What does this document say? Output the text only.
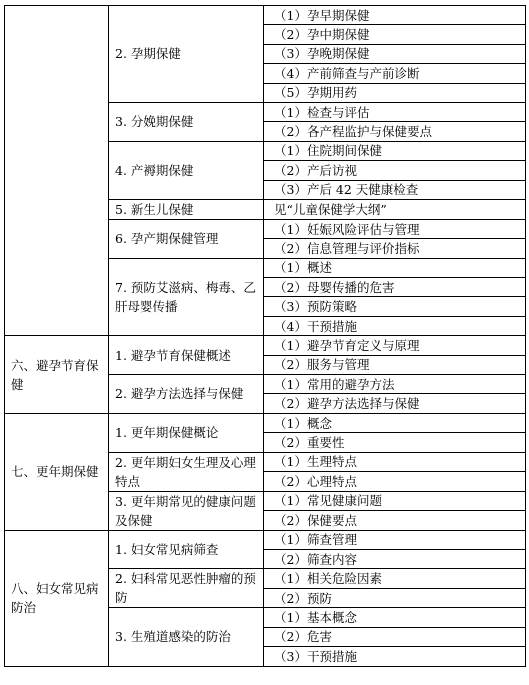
	2. 孕期保健	（1）孕早期保健
		（2）孕中期保健
		（3）孕晚期保健
		（4）产前筛查与产前诊断
		（5）孕期用药
	3. 分娩期保健	（1）检查与评估
		（2）各产程监护与保健要点
	4. 产褥期保健	（1）住院期间保健
		（2）产后访视
		（3）产后 42 天健康检查
	5. 新生儿保健	见“儿童保健学大纲”
	6. 孕产期保健管理	（1）妊娠风险评估与管理
		（2）信息管理与评价指标
	7. 预防艾滋病、梅毒、乙肝母婴传播	（1）概述
		（2）母婴传播的危害
		（3）预防策略
		（4）干预措施
六、避孕节育保健	1. 避孕节育保健概述	（1）避孕节育定义与原理
		（2）服务与管理
	2. 避孕方法选择与保健	（1）常用的避孕方法
		（2）避孕方法选择与保健
七、更年期保健	1. 更年期保健概论	（1）概念
		（2）重要性
	2. 更年期妇女生理及心理特点	（1）生理特点
		（2）心理特点
	3. 更年期常见的健康问题及保健	（1）常见健康问题
		（2）保健要点
八、妇女常见病防治	1. 妇女常见病筛查	（1）筛查管理
		（2）筛查内容
	2. 妇科常见恶性肿瘤的预防	（1）相关危险因素
		（2）预防
	3. 生殖道感染的防治	（1）基本概念
		（2）危害
		（3）干预措施
